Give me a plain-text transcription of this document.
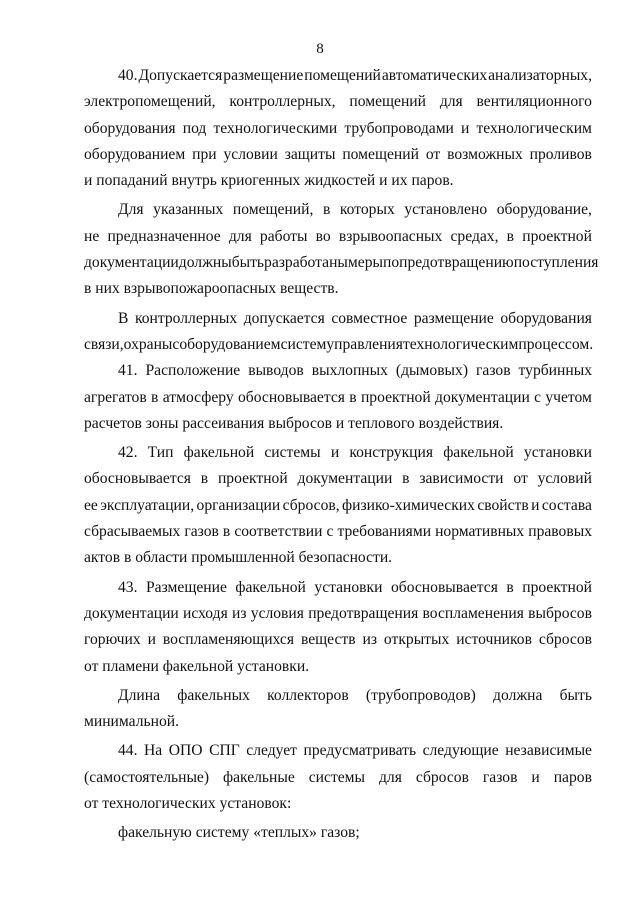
8
40. Допускается размещение помещений автоматических анализаторных,
электропомещений, контроллерных, помещений для вентиляционного
оборудования под технологическими трубопроводами и технологическим
оборудованием при условии защиты помещений от возможных проливов
и попаданий внутрь криогенных жидкостей и их паров.
Для указанных помещений, в которых установлено оборудование,
не предназначенное для работы во взрывоопасных средах, в проектной
документации должны быть разработаны меры по предотвращению поступления
в них взрывопожароопасных веществ.
В контроллерных допускается совместное размещение оборудования
связи, охраны с оборудованием систем управления технологическим процессом.
41. Расположение выводов выхлопных (дымовых) газов турбинных
агрегатов в атмосферу обосновывается в проектной документации с учетом
расчетов зоны рассеивания выбросов и теплового воздействия.
42. Тип факельной системы и конструкция факельной установки
обосновывается в проектной документации в зависимости от условий
ее эксплуатации, организации сбросов, физико-химических свойств и состава
сбрасываемых газов в соответствии с требованиями нормативных правовых
актов в области промышленной безопасности.
43. Размещение факельной установки обосновывается в проектной
документации исходя из условия предотвращения воспламенения выбросов
горючих и воспламеняющихся веществ из открытых источников сбросов
от пламени факельной установки.
Длина факельных коллекторов (трубопроводов) должна быть
минимальной.
44. На ОПО СПГ следует предусматривать следующие независимые
(самостоятельные) факельные системы для сбросов газов и паров
от технологических установок:
факельную систему «теплых» газов;
